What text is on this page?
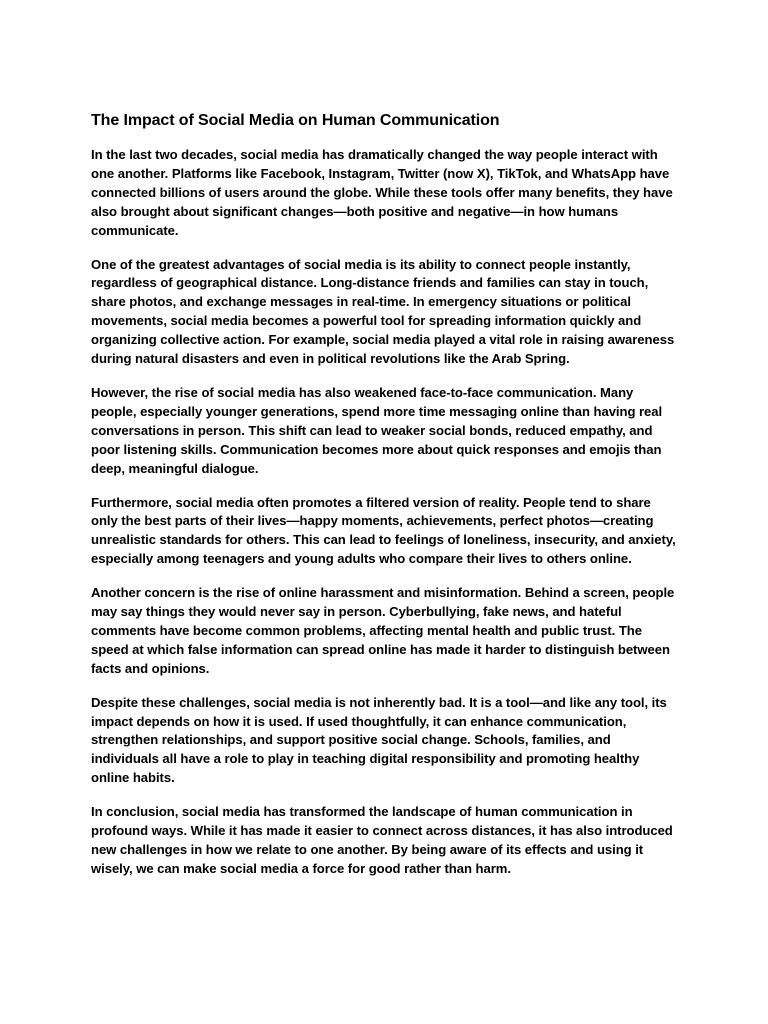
The Impact of Social Media on Human Communication

In the last two decades, social media has dramatically changed the way people interact with one another. Platforms like Facebook, Instagram, Twitter (now X), TikTok, and WhatsApp have connected billions of users around the globe. While these tools offer many benefits, they have also brought about significant changes—both positive and negative—in how humans communicate.

One of the greatest advantages of social media is its ability to connect people instantly, regardless of geographical distance. Long-distance friends and families can stay in touch, share photos, and exchange messages in real-time. In emergency situations or political movements, social media becomes a powerful tool for spreading information quickly and organizing collective action. For example, social media played a vital role in raising awareness during natural disasters and even in political revolutions like the Arab Spring.

However, the rise of social media has also weakened face-to-face communication. Many people, especially younger generations, spend more time messaging online than having real conversations in person. This shift can lead to weaker social bonds, reduced empathy, and poor listening skills. Communication becomes more about quick responses and emojis than deep, meaningful dialogue.

Furthermore, social media often promotes a filtered version of reality. People tend to share only the best parts of their lives—happy moments, achievements, perfect photos—creating unrealistic standards for others. This can lead to feelings of loneliness, insecurity, and anxiety, especially among teenagers and young adults who compare their lives to others online.

Another concern is the rise of online harassment and misinformation. Behind a screen, people may say things they would never say in person. Cyberbullying, fake news, and hateful comments have become common problems, affecting mental health and public trust. The speed at which false information can spread online has made it harder to distinguish between facts and opinions.

Despite these challenges, social media is not inherently bad. It is a tool—and like any tool, its impact depends on how it is used. If used thoughtfully, it can enhance communication, strengthen relationships, and support positive social change. Schools, families, and individuals all have a role to play in teaching digital responsibility and promoting healthy online habits.

In conclusion, social media has transformed the landscape of human communication in profound ways. While it has made it easier to connect across distances, it has also introduced new challenges in how we relate to one another. By being aware of its effects and using it wisely, we can make social media a force for good rather than harm.
